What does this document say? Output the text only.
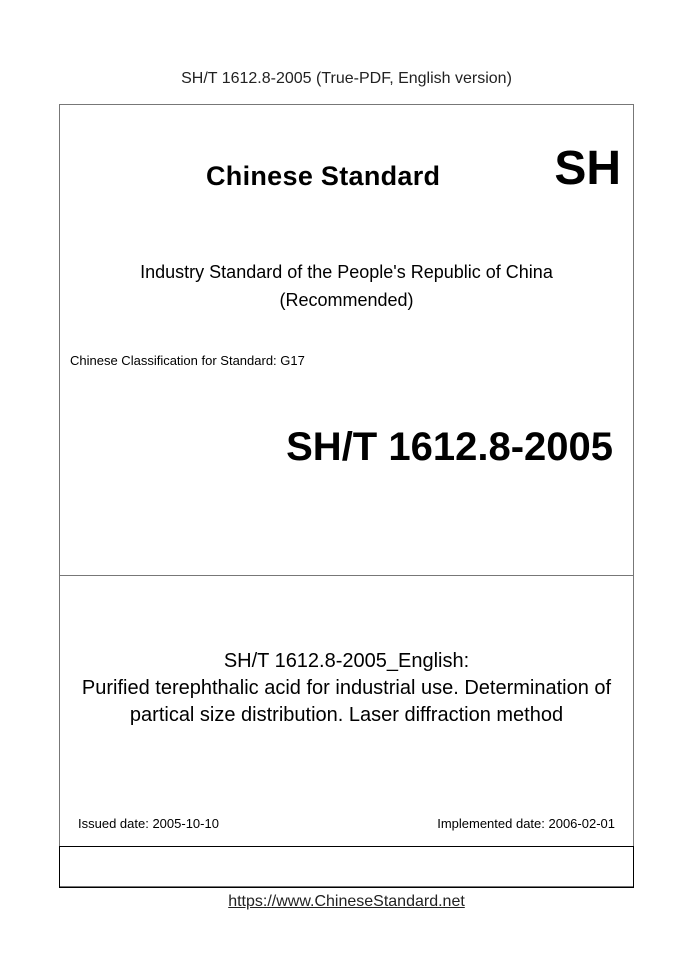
SH/T 1612.8-2005 (True-PDF, English version)
Chinese Standard SH
Industry Standard of the People's Republic of China
(Recommended)
Chinese Classification for Standard: G17
SH/T 1612.8-2005
SH/T 1612.8-2005_English:
Purified terephthalic acid for industrial use. Determination of
partical size distribution. Laser diffraction method
Issued date: 2005-10-10	Implemented date: 2006-02-01
https://www.ChineseStandard.net
